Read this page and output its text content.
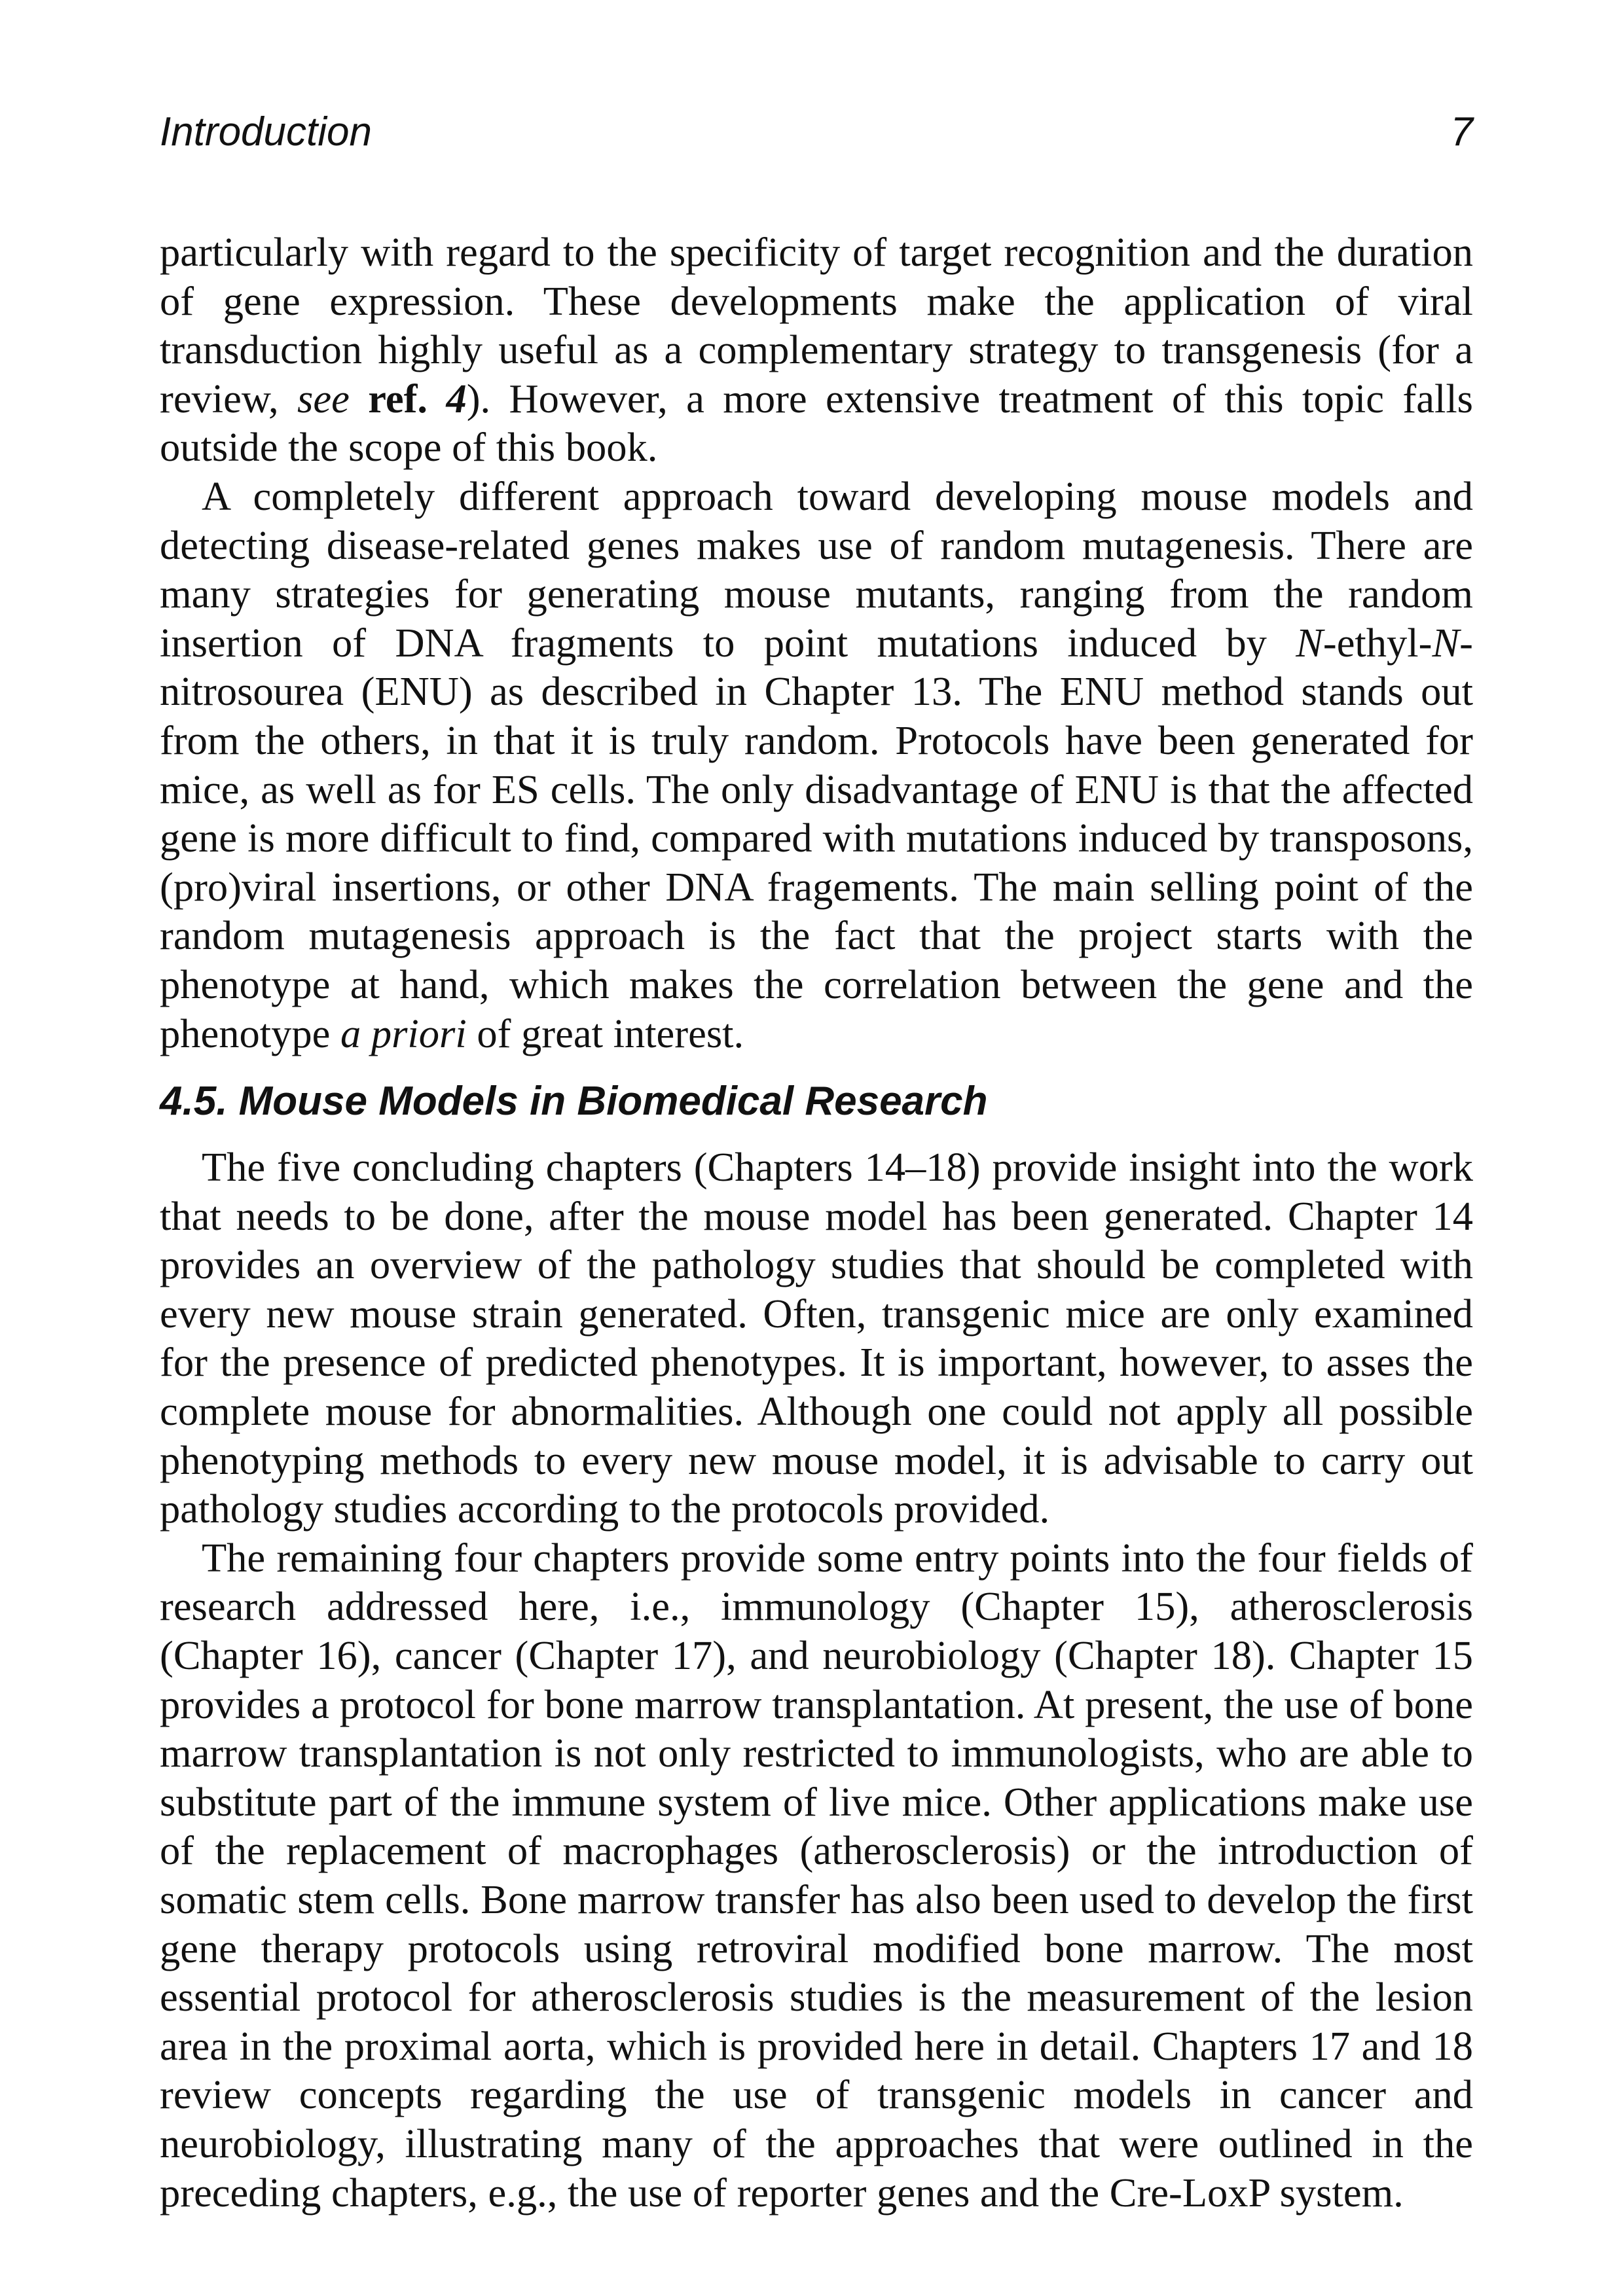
Introduction	7

particularly with regard to the specificity of target recognition and the duration of gene expression. These developments make the application of viral transduction highly useful as a complementary strategy to transgenesis (for a review, see ref. 4). However, a more extensive treatment of this topic falls outside the scope of this book.

A completely different approach toward developing mouse models and detecting disease-related genes makes use of random mutagenesis. There are many strategies for generating mouse mutants, ranging from the random insertion of DNA fragments to point mutations induced by N-ethyl-N-nitrosourea (ENU) as described in Chapter 13. The ENU method stands out from the others, in that it is truly random. Protocols have been generated for mice, as well as for ES cells. The only disadvantage of ENU is that the affected gene is more difficult to find, compared with mutations induced by transposons, (pro)viral insertions, or other DNA fragements. The main selling point of the random mutagenesis approach is the fact that the project starts with the phenotype at hand, which makes the correlation between the gene and the phenotype a priori of great interest.

4.5. Mouse Models in Biomedical Research

The five concluding chapters (Chapters 14–18) provide insight into the work that needs to be done, after the mouse model has been generated. Chapter 14 provides an overview of the pathology studies that should be completed with every new mouse strain generated. Often, transgenic mice are only examined for the presence of predicted phenotypes. It is important, however, to asses the complete mouse for abnormalities. Although one could not apply all possible phenotyping methods to every new mouse model, it is advisable to carry out pathology studies according to the protocols provided.

The remaining four chapters provide some entry points into the four fields of research addressed here, i.e., immunology (Chapter 15), atherosclerosis (Chapter 16), cancer (Chapter 17), and neurobiology (Chapter 18). Chapter 15 provides a protocol for bone marrow transplantation. At present, the use of bone marrow transplantation is not only restricted to immunologists, who are able to substitute part of the immune system of live mice. Other applications make use of the replacement of macrophages (atherosclerosis) or the introduction of somatic stem cells. Bone marrow transfer has also been used to develop the first gene therapy protocols using retroviral modified bone marrow. The most essential protocol for atherosclerosis studies is the measurement of the lesion area in the proximal aorta, which is provided here in detail. Chapters 17 and 18 review concepts regarding the use of transgenic models in cancer and neurobiology, illustrating many of the approaches that were outlined in the preceding chapters, e.g., the use of reporter genes and the Cre-LoxP system.
